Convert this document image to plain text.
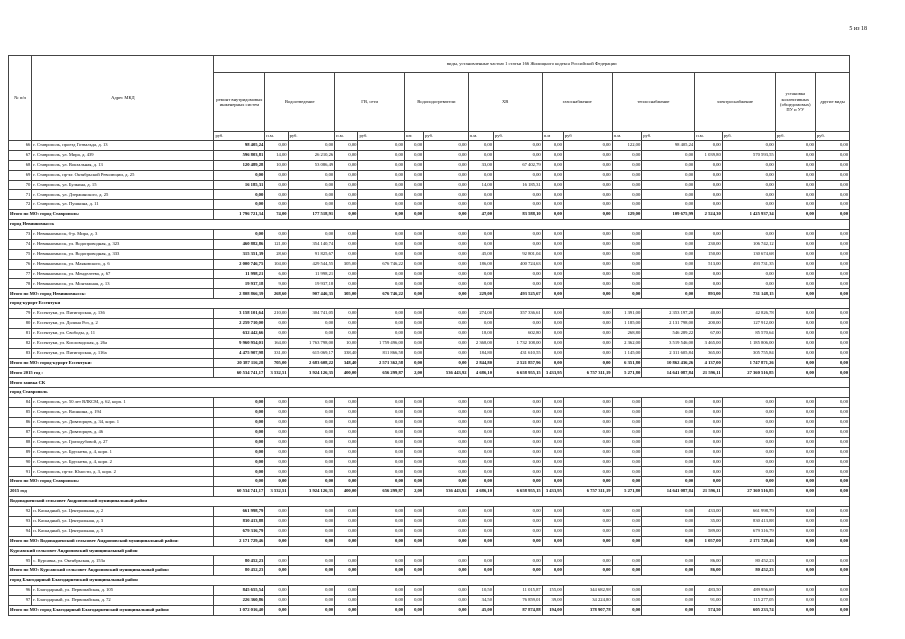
5 из 18
№ п/п	Адрес МКД	виды, установленные частью 1 статьи 166 Жилищного кодекса Российской Федерации																
		ремонт внутридомовых инженерных систем	Водоотведение		ГВ, сети		Водоподогреватели		ХВ		газоснабжение		теплоснабжение		электроснабжение		установка коллективных (общедомовых) ПУ и УУ	другие виды
		руб.	п.м.	руб.	п.м.	руб.	шт.	руб.	п.м.	руб.	п.м	руб	п.м.	руб.	п.м.	руб.	руб.	руб.
66	г. Ставрополь, проезд Готвальда, д. 13	98 405,24	0,00	0,00	0,00	0,00	0,00	0,00	0,00	0,00	0,00	0,00	122,00	98 405,24	0,00	0,00	0,00	0,00
67	г. Ставрополь, ул. Мира, д. 439	596 803,81	14,00	26 210,26	0,00	0,00	0,00	0,00	0,00	0,00	0,00	0,00	0,00	0,00	1 039,80	570 593,55	0,00	0,00
68	г. Ставрополь, ул. Вокзальная, д. 13	120 489,28	10,00	53 086,49	0,00	0,00	0,00	0,00	33,00	67 402,79	0,00	0,00	0,00	0,00	0,00	0,00	0,00	0,00
69	г. Ставрополь, пр-кт. Октябрьской Революции, д. 25	0,00	0,00	0,00	0,00	0,00	0,00	0,00	0,00	0,00	0,00	0,00	0,00	0,00	0,00	0,00	0,00	0,00
70	г. Ставрополь, ул. Булкина, д. 15	16 185,31	0,00	0,00	0,00	0,00	0,00	0,00	14,00	16 185,31	0,00	0,00	0,00	0,00	0,00	0,00	0,00	0,00
71	г. Ставрополь, ул. Дзержинского, д. 25	0,00	0,00	0,00	0,00	0,00	0,00	0,00	0,00	0,00	0,00	0,00	0,00	0,00	0,00	0,00	0,00	0,00
72	г. Ставрополь, ул. Пушкина, д. 11	0,00	0,00	0,00	0,00	0,00	0,00	0,00	0,00	0,00	0,00	0,00	0,00	0,00	0,00	0,00	0,00	0,00
Итого по МО: город Ставрополь:		1 796 721,34	74,00	177 518,91	0,00	0,00	0,00	0,00	47,00	83 588,10	0,00	0,00	129,00	109 675,99	2 524,30	1 425 937,34	0,00	0,00
город Невинномысск																		
73	г. Невинномысск, б-р. Мира, д. 3	0,00	0,00	0,00	0,00	0,00	0,00	0,00	0,00	0,00	0,00	0,00	0,00	0,00	0,00	0,00	0,00	0,00
74	г. Невинномысск, ул. Водопроводная, д. 323	460 882,86	121,00	354 140,74	0,00	0,00	0,00	0,00	0,00	0,00	0,00	0,00	0,00	0,00	230,00	106 742,12	0,00	0,00
75	г. Невинномысск, ул. Водопроводная, д. 333	315 351,39	28,60	91 825,67	0,00	0,00	0,00	0,00	45,00	92 801,04	0,00	0,00	0,00	0,00	150,00	130 674,68	0,00	0,00
76	г. Невинномысск, ул. Маяковского, д. 6	2 000 746,75	104,00	429 544,55	305,00	676 746,22	0,00	0,00	186,00	400 724,63	0,00	0,00	0,00	0,00	513,00	493 731,35	0,00	0,00
77	г. Невинномысск, ул. Менделеева, д. 67	11 998,21	6,00	11 998,21	0,00	0,00	0,00	0,00	0,00	0,00	0,00	0,00	0,00	0,00	0,00	0,00	0,00	0,00
78	г. Невинномысск, ул. Монтажная, д. 13	19 937,18	9,00	19 937,18	0,00	0,00	0,00	0,00	0,00	0,00	0,00	0,00	0,00	0,00	0,00	0,00	0,00	0,00
Итого по МО: город Невинномысск:		2 808 866,39	268,60	907 446,35	305,00	676 746,22	0,00	0,00	229,00	493 525,67	0,00	0,00	0,00	0,00	893,00	731 148,15	0,00	0,00
город-курорт Ессентуки																		
79	г. Ессентуки, ул. Пятигорская, д. 136	3 158 101,64	210,00	304 741,05	0,00	0,00	0,00	0,00	274,00	357 336,61	0,00	0,00	1 391,00	2 353 197,20	40,00	42 826,78	0,00	0,00
80	г. Ессентуки, ул. Долина Роз, д. 2	2 259 710,00	0,00	0,00	0,00	0,00	0,00	0,00	0,00	0,00	0,00	0,00	1 185,00	2 131 798,00	200,00	127 912,00	0,00	0,00
81	г. Ессентуки, ул. Свободы, д. 11	632 442,66	0,00	0,00	0,00	0,00	0,00	0,00	18,00	602,80	0,00	0,00	268,80	546 289,22	67,00	85 570,64	0,00	0,00
82	г. Ессентуки, ул. Кисловодская, д. 26а	9 960 954,01	164,00	1 763 798,00	10,00	1 759 496,00	0,00	0,00	2 368,00	1 732 108,00	0,00	0,00	2 362,00	3 519 546,00	3 465,00	1 185 806,00	0,00	0,00
83	г. Ессентуки, ул. Пятигорская, д. 116а	4 475 907,98	331,00	615 069,17	338,40	811 866,58	0,00	0,00	184,80	431 610,55	0,00	0,00	1 145,00	2 311 605,84	365,00	305 755,84	0,00	0,00
Итого по МО: город-курорт Ессентуки:		20 387 116,28	705,00	2 683 608,22	348,40	2 571 362,58	0,00	0,00	2 844,80	2 521 857,96	0,00	0,00	6 351,80	10 862 436,26	4 137,00	1 747 871,26	0,00	0,00
Итого 2015 год :		60 534 741,17	3 532,51	3 924 126,35	400,00	656 299,87	2,00	536 443,92	4 686,10	6 658 955,15	3 433,95	6 757 311,19	5 271,80	14 641 087,84	21 596,11	27 360 516,85	0,00	0,00
Итого заявка СК																		
город Ставрополь																		
84	г. Ставрополь, ул. 50 лет ВЛКСМ, д. 62, корп. 1	0,00	0,00	0,00	0,00	0,00	0,00	0,00	0,00	0,00	0,00	0,00	0,00	0,00	0,00	0,00	0,00	0,00
85	г. Ставрополь, ул. Васякина, д. 194	0,00	0,00	0,00	0,00	0,00	0,00	0,00	0,00	0,00	0,00	0,00	0,00	0,00	0,00	0,00	0,00	0,00
86	г. Ставрополь, ул. Доваторцев, д. 34, корп. 1	0,00	0,00	0,00	0,00	0,00	0,00	0,00	0,00	0,00	0,00	0,00	0,00	0,00	0,00	0,00	0,00	0,00
87	г. Ставрополь, ул. Доваторцев, д. 46	0,00	0,00	0,00	0,00	0,00	0,00	0,00	0,00	0,00	0,00	0,00	0,00	0,00	0,00	0,00	0,00	0,00
88	г. Ставрополь, ул. Гризодубовой, д. 27	0,00	0,00	0,00	0,00	0,00	0,00	0,00	0,00	0,00	0,00	0,00	0,00	0,00	0,00	0,00	0,00	0,00
89	г. Ставрополь, ул. Бруснева, д. 4, корп. 1	0,00	0,00	0,00	0,00	0,00	0,00	0,00	0,00	0,00	0,00	0,00	0,00	0,00	0,00	0,00	0,00	0,00
90	г. Ставрополь, ул. Бруснева, д. 4, корп. 2	0,00	0,00	0,00	0,00	0,00	0,00	0,00	0,00	0,00	0,00	0,00	0,00	0,00	0,00	0,00	0,00	0,00
91	г. Ставрополь, пр-кт. Юности, д. 3, корп. 2	0,00	0,00	0,00	0,00	0,00	0,00	0,00	0,00	0,00	0,00	0,00	0,00	0,00	0,00	0,00	0,00	0,00
Итого по МО: город Ставрополь:		0,00	0,00	0,00	0,00	0,00	0,00	0,00	0,00	0,00	0,00	0,00	0,00	0,00	0,00	0,00	0,00	0,00
2015 год		60 534 741,17	3 532,51	3 924 126,35	400,00	656 299,87	2,00	536 443,92	4 686,10	6 658 955,15	3 433,95	6 757 311,19	5 271,80	14 641 087,84	21 596,11	27 360 516,85	0,00	0,00
Водопадненский сельсовет Андроповский муниципальный район																		
92	п. Каскадный, ул. Центральная, д. 2	661 998,79	0,00	0,00	0,00	0,00	0,00	0,00	0,00	0,00	0,00	0,00	0,00	0,00	433,00	661 998,79	0,00	0,00
93	п. Каскадный, ул. Центральная, д. 3	830 413,88	0,00	0,00	0,00	0,00	0,00	0,00	0,00	0,00	0,00	0,00	0,00	0,00	35,00	830 413,88	0,00	0,00
94	п. Каскадный, ул. Центральная, д. 5	679 316,79	0,00	0,00	0,00	0,00	0,00	0,00	0,00	0,00	0,00	0,00	0,00	0,00	589,00	679 316,79	0,00	0,00
Итого по МО: Водопадненский сельсовет Андроповский муниципальный район:		2 171 729,46	0,00	0,00	0,00	0,00	0,00	0,00	0,00	0,00	0,00	0,00	0,00	0,00	1 057,00	2 171 729,46	0,00	0,00
Курсавский сельсовет Андроповский муниципальный район																		
95	с. Курсавка, ул. Октябрьская, д. 153а	80 452,23	0,00	0,00	0,00	0,00	0,00	0,00	0,00	0,00	0,00	0,00	0,00	0,00	86,00	80 452,23	0,00	0,00
Итого по МО: Курсавский сельсовет Андроповский муниципальный район:		80 452,23	0,00	0,00	0,00	0,00	0,00	0,00	0,00	0,00	0,00	0,00	0,00	0,00	86,00	80 452,23	0,00	0,00
город Благодарный Благодарненский муниципальный район																		
96	г. Благодарный, ул. Первомайская, д. 105	845 655,54	0,00	0,00	0,00	0,00	0,00	0,00	10,50	11 015,87	155,00	344 682,98	0,00	0,00	483,50	489 956,69	0,00	0,00
97	г. Благодарный, ул. Первомайская, д. 72	226 360,86	0,00	0,00	0,00	0,00	0,00	0,00	34,50	76 859,01	39,00	34 224,80	0,00	0,00	91,00	115 277,05	0,00	0,00
Итого по МО: город Благодарный Благодарненский муниципальный район:		1 072 016,40	0,00	0,00	0,00	0,00	0,00	0,00	45,00	87 874,88	194,00	378 907,78	0,00	0,00	574,50	605 233,74	0,00	0,00
